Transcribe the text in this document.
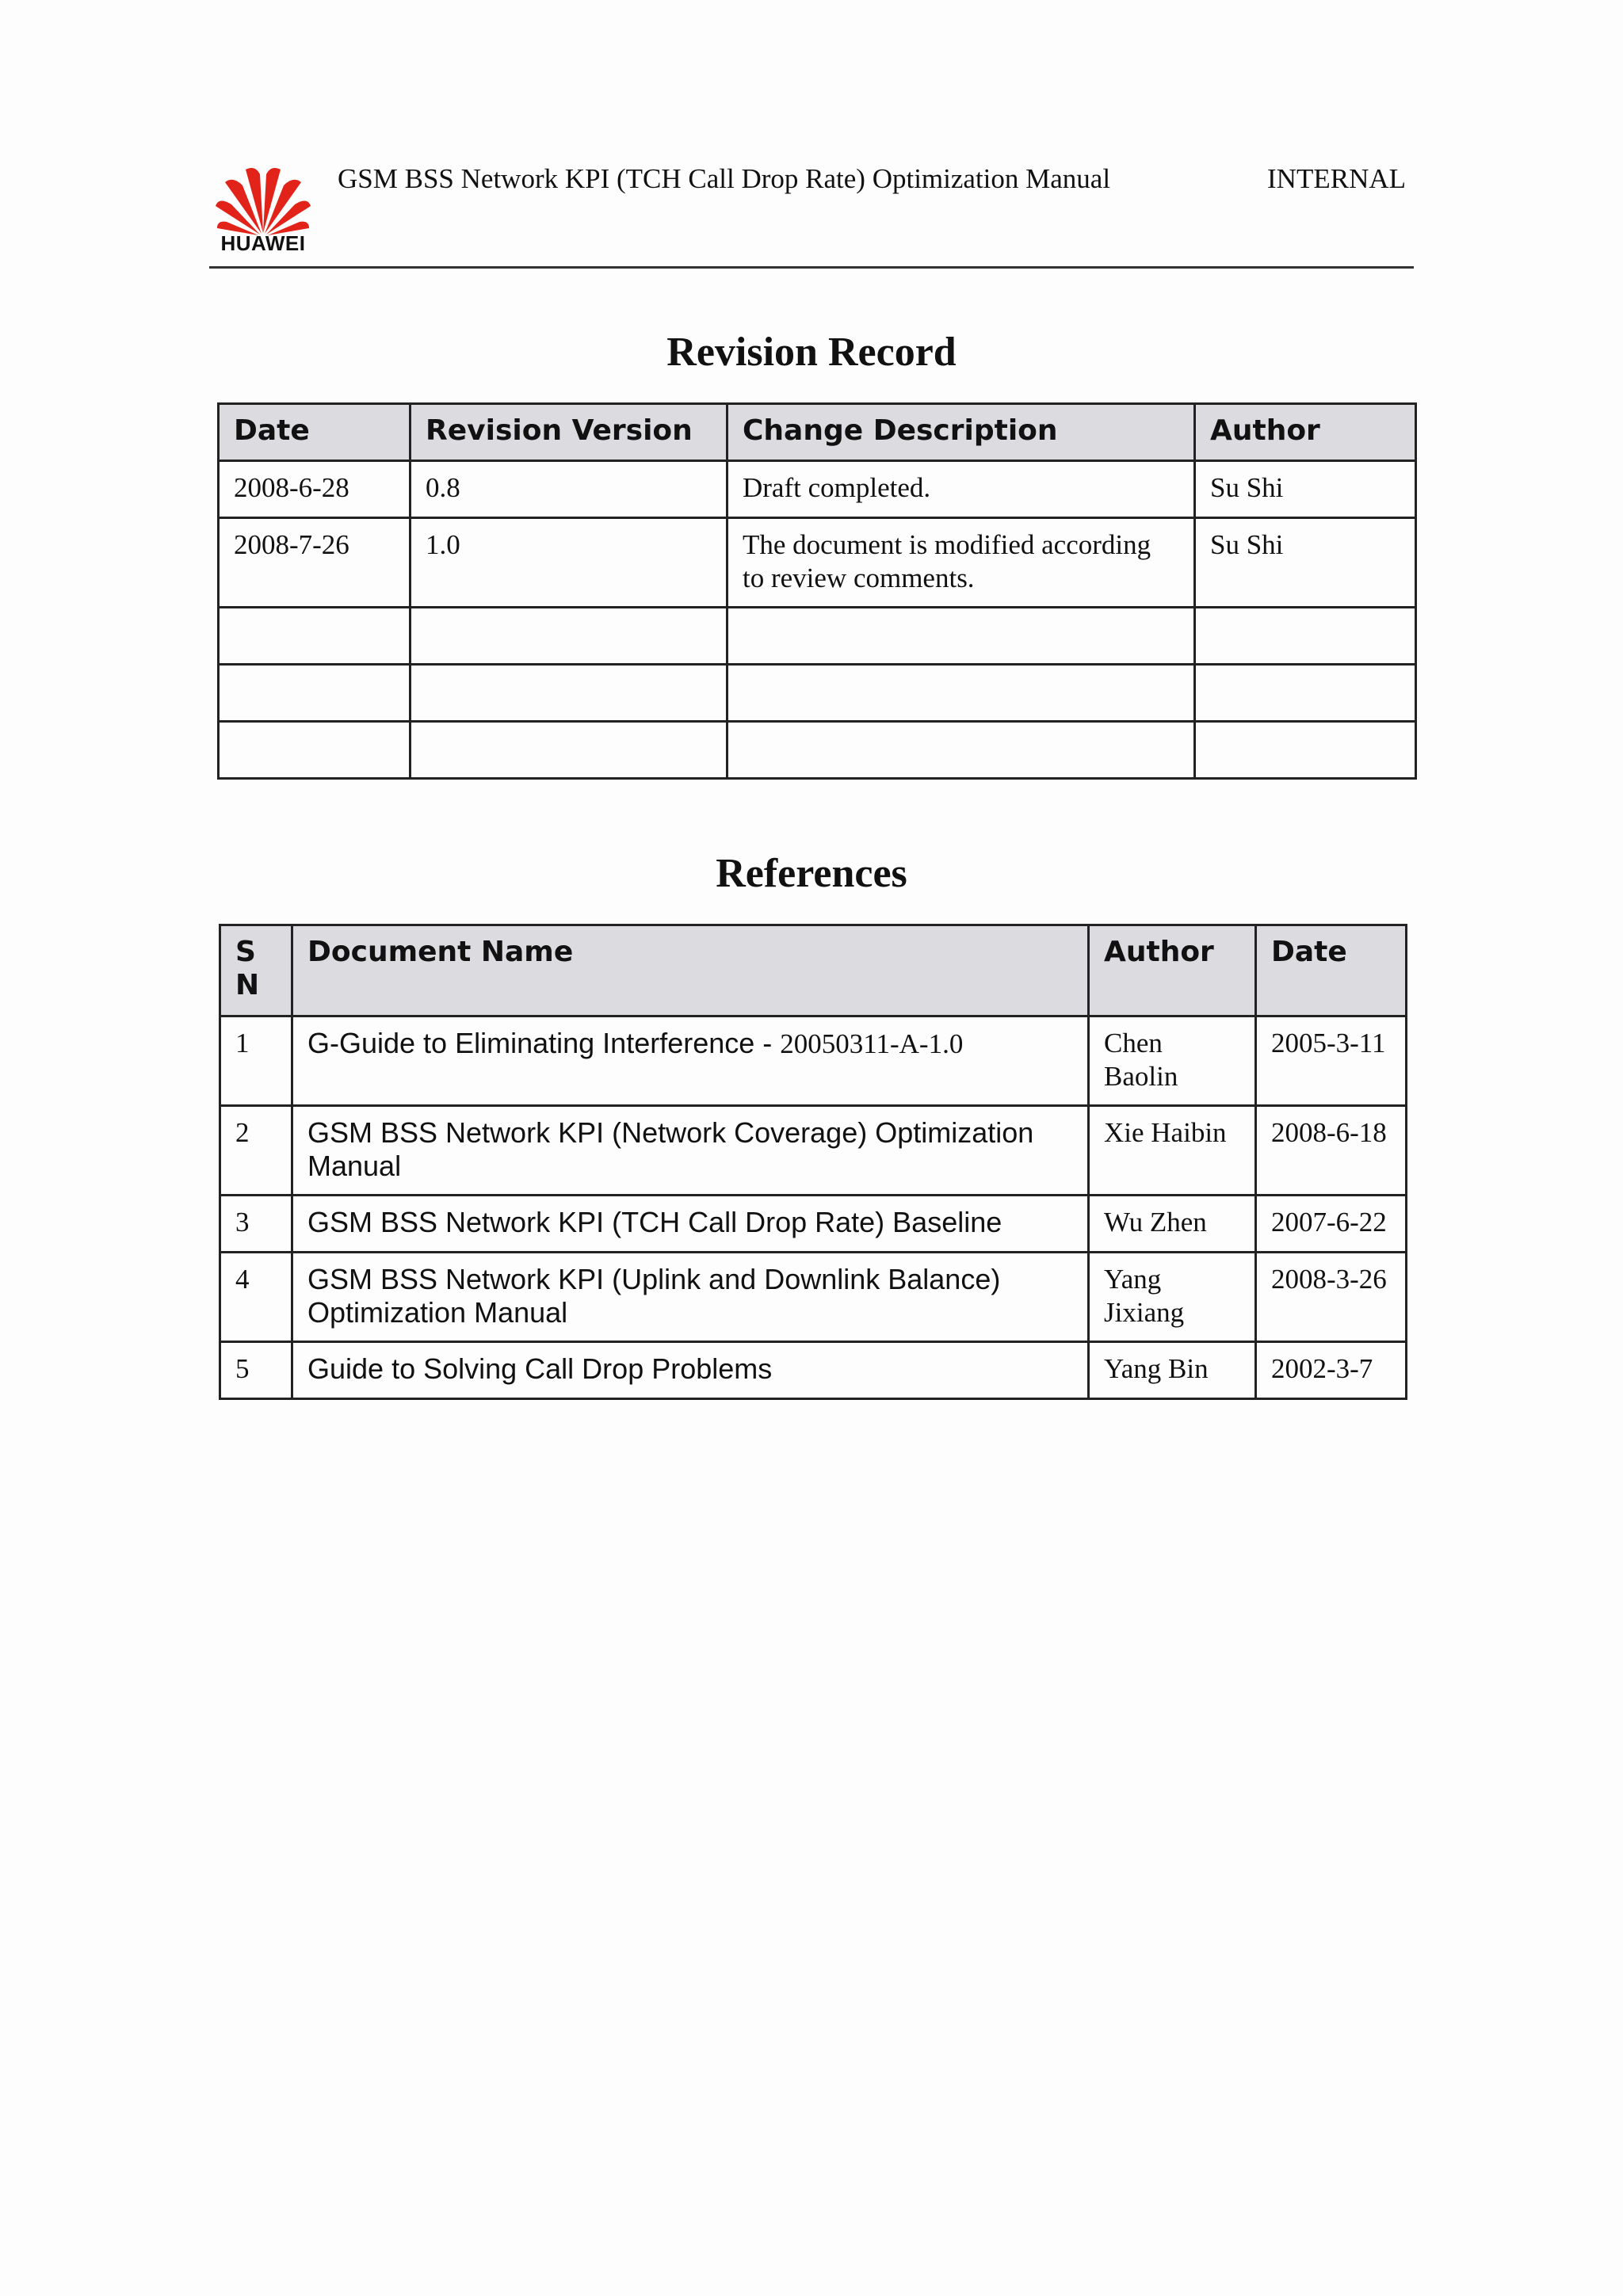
HUAWEI
GSM BSS Network KPI (TCH Call Drop Rate) Optimization Manual	INTERNAL
Revision Record
Date	Revision Version	Change Description	Author
2008-6-28	0.8	Draft completed.	Su Shi
2008-7-26	1.0	The document is modified according to review comments.	Su Shi

References
S N	Document Name	Author	Date
1	G-Guide to Eliminating Interference - 20050311-A-1.0	Chen Baolin	2005-3-11
2	GSM BSS Network KPI (Network Coverage) Optimization Manual	Xie Haibin	2008-6-18
3	GSM BSS Network KPI (TCH Call Drop Rate) Baseline	Wu Zhen	2007-6-22
4	GSM BSS Network KPI (Uplink and Downlink Balance) Optimization Manual	Yang Jixiang	2008-3-26
5	Guide to Solving Call Drop Problems	Yang Bin	2002-3-7
